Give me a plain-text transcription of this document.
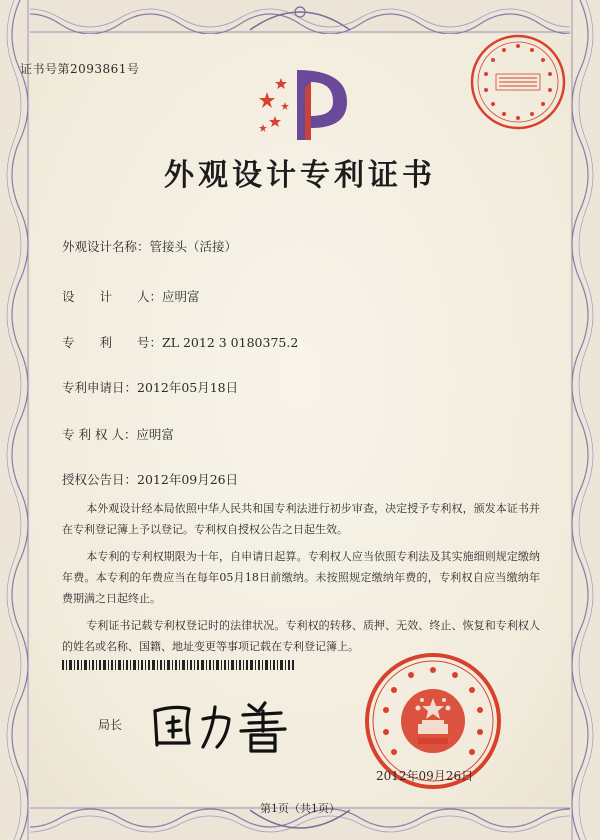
证书号第2093861号
外观设计专利证书
外观设计名称：管接头（活接）
设　　计　　人：应明富
专　　利　　号：ZL 2012 3 0180375.2
专利申请日：2012年05月18日
专 利 权 人：应明富
授权公告日：2012年09月26日

本外观设计经本局依照中华人民共和国专利法进行初步审查，决定授予专利权，颁发本证书并在专利登记簿上予以登记。专利权自授权公告之日起生效。

本专利的专利权期限为十年，自申请日起算。专利权人应当依照专利法及其实施细则规定缴纳年费。本专利的年费应当在每年05月18日前缴纳。未按照规定缴纳年费的，专利权自应当缴纳年费期满之日起终止。

专利证书记载专利权登记时的法律状况。专利权的转移、质押、无效、终止、恢复和专利权人的姓名或名称、国籍、地址变更等事项记载在专利登记簿上。

局长
2012年09月26日
第1页（共1页）
